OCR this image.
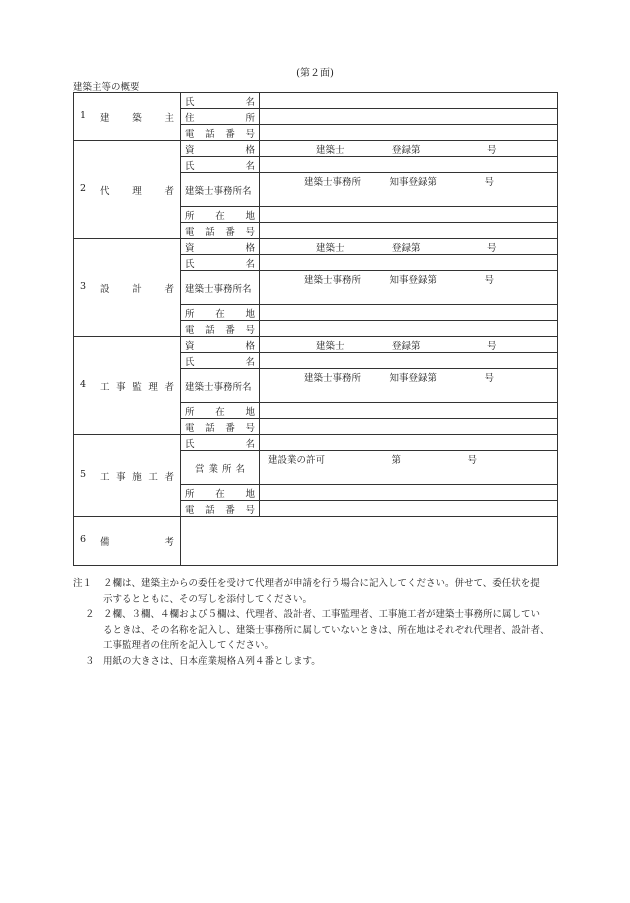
(第２面)
建築主等の概要
1 建　築　主	氏　名	
	住　所	
	電話番号	

2 代　理　者	資　格	建築士　　　　　登録第　　　　　　　号
	氏　名	
	建築士事務所名	建築士事務所　　　知事登録第　　　　　号
	所在地	
	電話番号	

3 設　計　者	資　格	建築士　　　　　登録第　　　　　　　号
	氏　名	
	建築士事務所名	建築士事務所　　　知事登録第　　　　　号
	所在地	
	電話番号	

4 工事監理者	資　格	建築士　　　　　登録第　　　　　　　号
	氏　名	
	建築士事務所名	建築士事務所　　　知事登録第　　　　　号
	所在地	
	電話番号	

5 工事施工者	氏　名	
	営業所名	建設業の許可　　　　　　　第　　　　　　　号
	所在地	
	電話番号	

6 備　考		

注１	２欄は、建築主からの委任を受けて代理者が申請を行う場合に記入してください。併せて、委任状を提
示するとともに、その写しを添付してください。
２ ２欄、３欄、４欄および５欄は、代理者、設計者、工事監理者、工事施工者が建築士事務所に属してい
るときは、その名称を記入し、建築士事務所に属していないときは、所在地はそれぞれ代理者、設計者、
工事監理者の住所を記入してください。
３ 用紙の大きさは、日本産業規格Ａ列４番とします。
